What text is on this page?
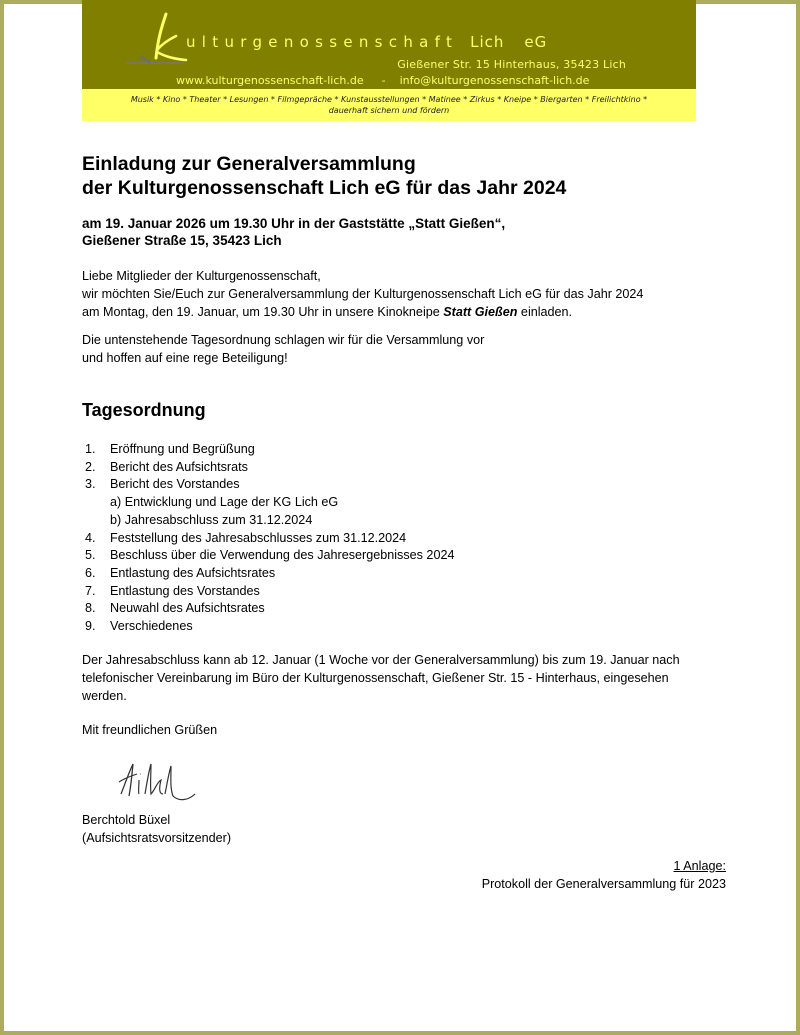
ulturgenossenschaft Lich eG
Gießener Str. 15 Hinterhaus, 35423 Lich
www.kulturgenossenschaft-lich.de - info@kulturgenossenschaft-lich.de
Musik * Kino * Theater * Lesungen * Filmgepräche * Kunstausstellungen * Matinee * Zirkus * Kneipe * Biergarten * Freilichtkino *
dauerhaft sichern und fördern
Einladung zur Generalversammlung
der Kulturgenossenschaft Lich eG für das Jahr 2024
am 19. Januar 2026 um 19.30 Uhr in der Gaststätte „Statt Gießen“,
Gießener Straße 15, 35423 Lich
Liebe Mitglieder der Kulturgenossenschaft,
wir möchten Sie/Euch zur Generalversammlung der Kulturgenossenschaft Lich eG für das Jahr 2024
am Montag, den 19. Januar, um 19.30 Uhr in unsere Kinokneipe Statt Gießen einladen.
Die untenstehende Tagesordnung schlagen wir für die Versammlung vor
und hoffen auf eine rege Beteiligung!
Tagesordnung
1.	Eröffnung und Begrüßung
2.	Bericht des Aufsichtsrats
3.	Bericht des Vorstandes
a) Entwicklung und Lage der KG Lich eG
b) Jahresabschluss zum 31.12.2024
4.	Feststellung des Jahresabschlusses zum 31.12.2024
5.	Beschluss über die Verwendung des Jahresergebnisses 2024
6.	Entlastung des Aufsichtsrates
7.	Entlastung des Vorstandes
8.	Neuwahl des Aufsichtsrates
9.	Verschiedenes
Der Jahresabschluss kann ab 12. Januar (1 Woche vor der Generalversammlung) bis zum 19. Januar nach
telefonischer Vereinbarung im Büro der Kulturgenossenschaft, Gießener Str. 15 - Hinterhaus, eingesehen
werden.
Mit freundlichen Grüßen
Berchtold Büxel
(Aufsichtsratsvorsitzender)
1 Anlage:
Protokoll der Generalversammlung für 2023
